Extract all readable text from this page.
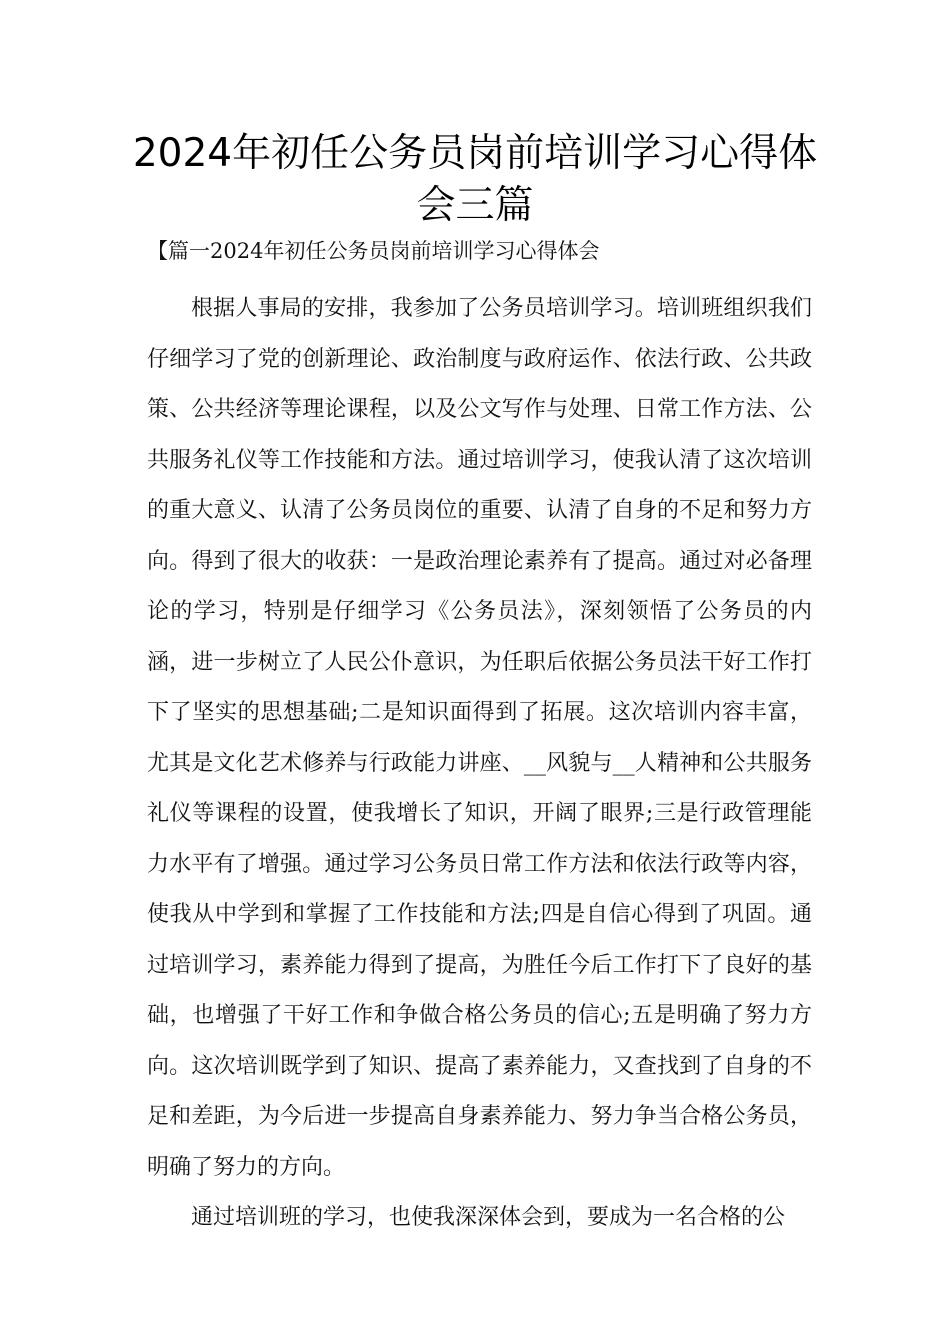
2024年初任公务员岗前培训学习心得体会三篇
【篇一2024年初任公务员岗前培训学习心得体会

根据人事局的安排，我参加了公务员培训学习。培训班组织我们仔细学习了党的创新理论、政治制度与政府运作、依法行政、公共政策、公共经济等理论课程，以及公文写作与处理、日常工作方法、公共服务礼仪等工作技能和方法。通过培训学习，使我认清了这次培训的重大意义、认清了公务员岗位的重要、认清了自身的不足和努力方向。得到了很大的收获：一是政治理论素养有了提高。通过对必备理论的学习，特别是仔细学习《公务员法》，深刻领悟了公务员的内涵，进一步树立了人民公仆意识，为任职后依据公务员法干好工作打下了坚实的思想基础;二是知识面得到了拓展。这次培训内容丰富，尤其是文化艺术修养与行政能力讲座、__风貌与__人精神和公共服务礼仪等课程的设置，使我增长了知识，开阔了眼界;三是行政管理能力水平有了增强。通过学习公务员日常工作方法和依法行政等内容，使我从中学到和掌握了工作技能和方法;四是自信心得到了巩固。通过培训学习，素养能力得到了提高，为胜任今后工作打下了良好的基础，也增强了干好工作和争做合格公务员的信心;五是明确了努力方向。这次培训既学到了知识、提高了素养能力，又查找到了自身的不足和差距，为今后进一步提高自身素养能力、努力争当合格公务员，明确了努力的方向。

通过培训班的学习，也使我深深体会到，要成为一名合格的公
